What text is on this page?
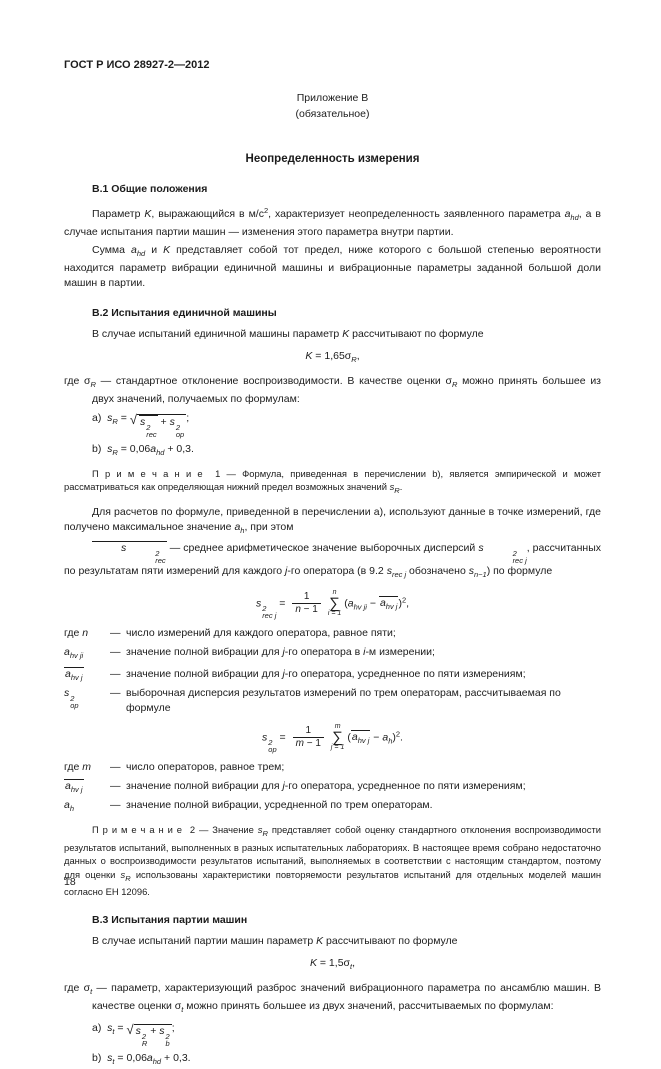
ГОСТ Р ИСО 28927-2—2012
Приложение В
(обязательное)
Неопределенность измерения
В.1 Общие положения

Параметр K, выражающийся в $м/с^2$, характеризует неопределенность заявленного параметра $a_{hd}$, а в случае испытания партии машин — изменения этого параметра внутри партии.

Сумма $a_{hd}$ и K представляет собой тот предел, ниже которого с большой степенью вероятности находится параметр вибрации единичной машины и вибрационные параметры заданной большой доли машин в партии.

В.2 Испытания единичной машины

В случае испытаний единичной машины параметр K рассчитывают по формуле

$K = 1,65\sigma_R$,

где $\sigma_R$ — стандартное отклонение воспроизводимости. В качестве оценки $\sigma_R$ можно принять большее из двух значений, получаемых по формулам:

a)  $s_R$ = √ s 2
rec
+ s 2
op
;
b)  $s_R = 0,06a_{hd} + 0,3$.

П р и м е ч а н и е  1 — Формула, приведенная в перечислении b), является эмпирической и может рассматриваться как определяющая нижний предел возможных значений $s_R$.

Для расчетов по формуле, приведенной в перечислении а), используют данные в точке измерений, где получено максимальное значение $a_h$, при этом

s	2
rec
— среднее арифметическое значение выборочных дисперсий s	2
rec j
, рассчитанных по результатам пяти измерений для каждого j-го оператора (в 9.2 $s_{rec j}$ обозначено $s_{n-1}$) по формуле

s 2
rec j
= $\frac{1}{n - 1}$ n
∑
i = 1
$(a_{hv ji} - a_{hv j})^2$,
где n	— число измерений для каждого оператора, равное пяти;
$a_{hv ji}$	— значение полной вибрации для j-го оператора в i-м измерении;
$a_{hv j}$	— значение полной вибрации для j-го оператора, усредненное по пяти измерениям;
s 2
op
— выборочная дисперсия результатов измерений по трем операторам, рассчитываемая по формуле
s 2
op
= $\frac{1}{m - 1}$ m
∑
j = 1
$(a_{hv j} - a_h)^2$.
где m	— число операторов, равное трем;
$a_{hv j}$	— значение полной вибрации для j-го оператора, усредненное по пяти измерениям;
$a_h$	— значение полной вибрации, усредненной по трем операторам.

П р и м е ч а н и е  2 — Значение $s_R$ представляет собой оценку стандартного отклонения воспроизводимости результатов испытаний, выполненных в разных испытательных лабораториях. В настоящее время собрано недостаточно данных о воспроизводимости результатов испытаний, выполняемых в соответствии с настоящим стандартом, поэтому для оценки $s_R$ использованы характеристики повторяемости результатов испытаний для отдельных моделей машин согласно ЕН 12096.

В.3 Испытания партии машин

В случае испытаний партии машин параметр K рассчитывают по формуле

$K = 1,5\sigma_t$,

где $\sigma_t$ — параметр, характеризующий разброс значений вибрационного параметра по ансамблю машин. В качестве оценки $\sigma_t$ можно принять большее из двух значений, рассчитываемых по формулам:

a)  $s_t$ = √ s 2
R
+ s 2
b
;
b)  $s_t = 0,06a_{hd} + 0,3$.
18
